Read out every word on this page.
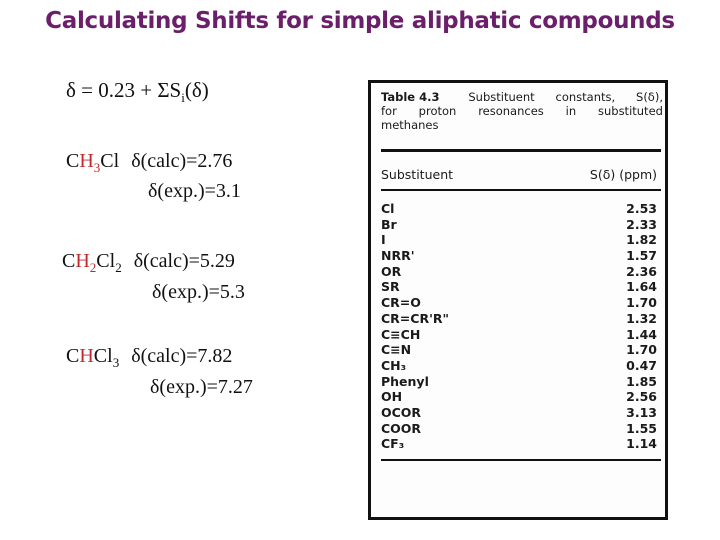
Calculating Shifts for simple aliphatic compounds
$\delta = 0.23 + \Sigma S_i(\delta)$
$CH_3Cl$ δ(calc)=2.76
δ(exp.)=3.1
$CH_2Cl_2$ δ(calc)=5.29
δ(exp.)=5.3
CHCl$_3$ δ(calc)=7.82
δ(exp.)=7.27
Table 4.3	Substituent constants, S(δ),
for proton resonances in substituted
methanes
Substituent	S(δ) (ppm)
Cl	2.53
Br	2.33
I	1.82
NRR'	1.57
OR	2.36
SR	1.64
CR=O	1.70
CR=CR'R"	1.32
C≡CH	1.44
C≡N	1.70
CH₃	0.47
Phenyl	1.85
OH	2.56
OCOR	3.13
COOR	1.55
CF₃	1.14
